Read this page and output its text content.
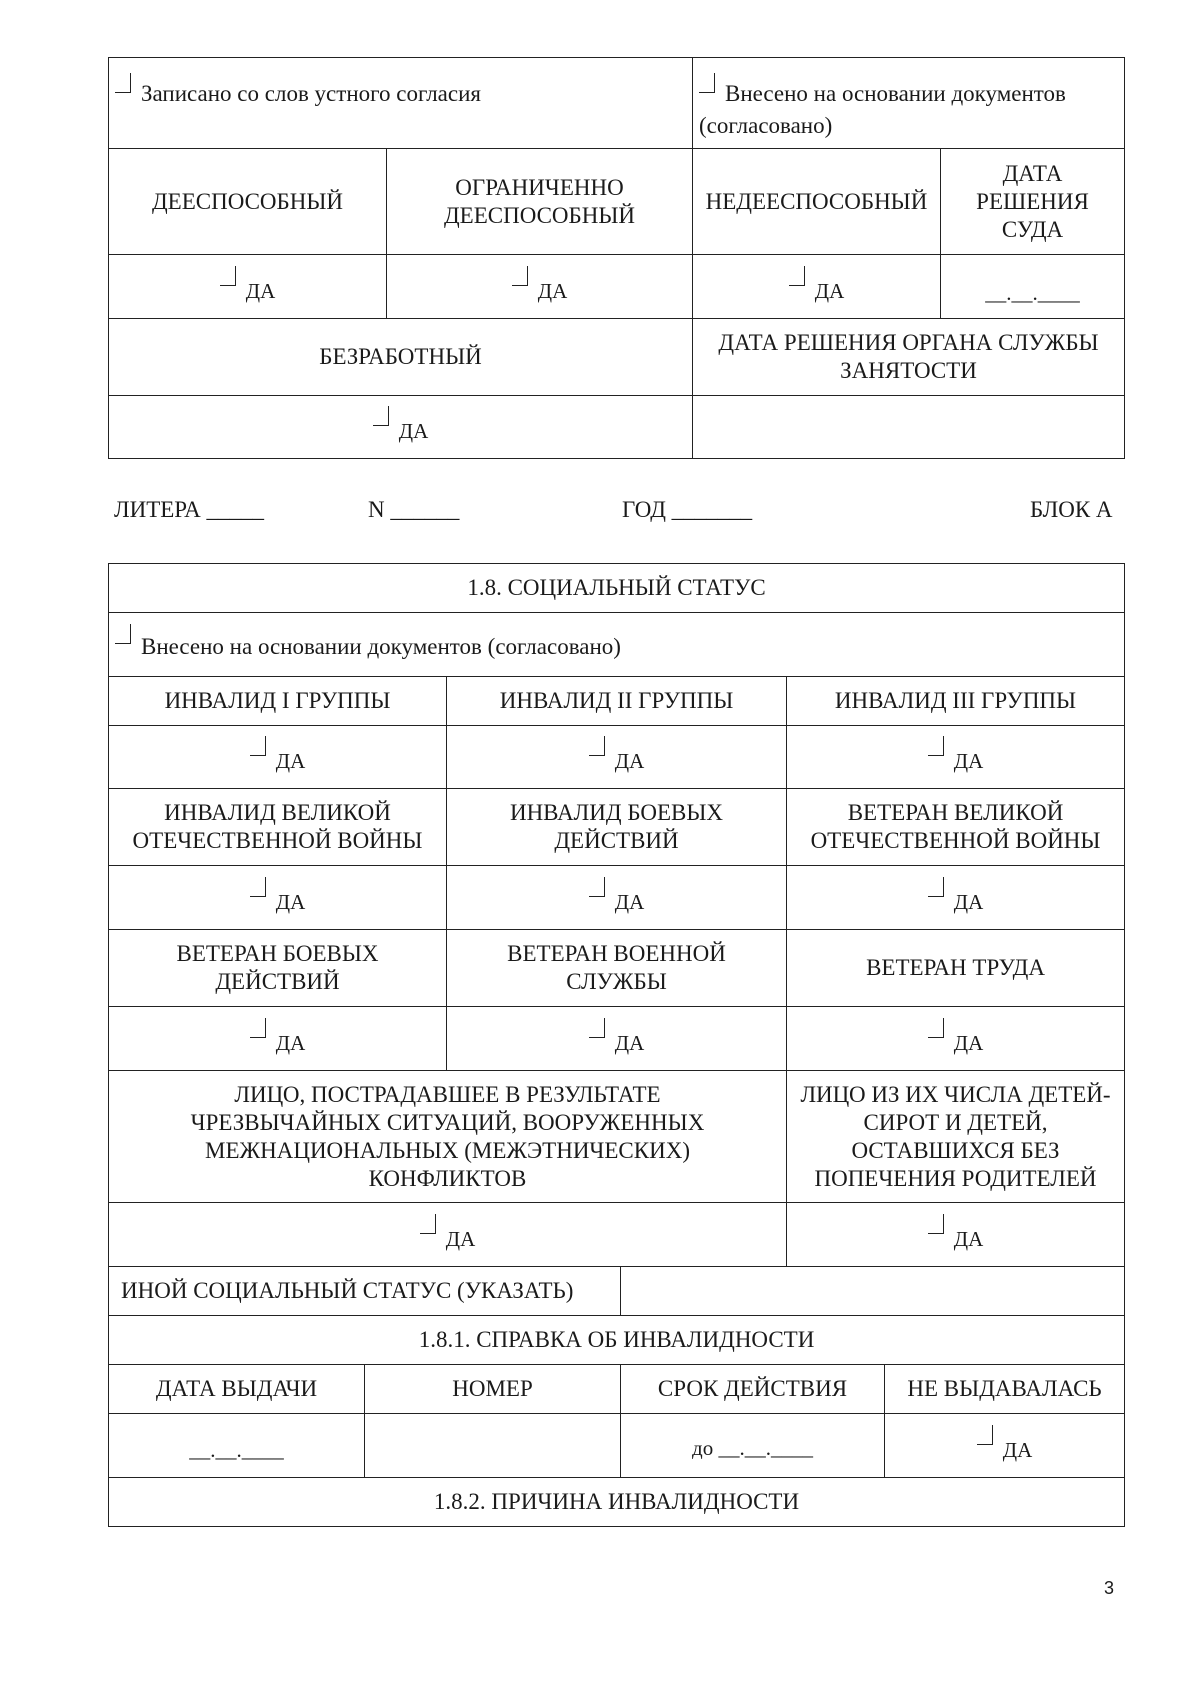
Записано со слов устного согласия		Внесено на основании документов (согласовано)	
ДЕЕСПОСОБНЫЙ	ОГРАНИЧЕННО ДЕЕСПОСОБНЫЙ	НЕДЕЕСПОСОБНЫЙ	ДАТА РЕШЕНИЯ СУДА
ДА	ДА	ДА	__.__.____
БЕЗРАБОТНЫЙ		ДАТА РЕШЕНИЯ ОРГАНА СЛУЖБЫ ЗАНЯТОСТИ	
ДА			
ЛИТЕРА _____	N ______	ГОД _______	БЛОК А
1.8. СОЦИАЛЬНЫЙ СТАТУС					
Внесено на основании документов (согласовано)					
ИНВАЛИД I ГРУППЫ		ИНВАЛИД II ГРУППЫ		ИНВАЛИД III ГРУППЫ	
ДА		ДА		ДА	
ИНВАЛИД ВЕЛИКОЙ ОТЕЧЕСТВЕННОЙ ВОЙНЫ		ИНВАЛИД БОЕВЫХ ДЕЙСТВИЙ		ВЕТЕРАН ВЕЛИКОЙ ОТЕЧЕСТВЕННОЙ ВОЙНЫ	
ДА		ДА		ДА	
ВЕТЕРАН БОЕВЫХ ДЕЙСТВИЙ		ВЕТЕРАН ВОЕННОЙ СЛУЖБЫ		ВЕТЕРАН ТРУДА	
ДА		ДА		ДА	
ЛИЦО, ПОСТРАДАВШЕЕ В РЕЗУЛЬТАТЕ ЧРЕЗВЫЧАЙНЫХ СИТУАЦИЙ, ВООРУЖЕННЫХ МЕЖНАЦИОНАЛЬНЫХ (МЕЖЭТНИЧЕСКИХ) КОНФЛИКТОВ				ЛИЦО ИЗ ИХ ЧИСЛА ДЕТЕЙ-СИРОТ И ДЕТЕЙ, ОСТАВШИХСЯ БЕЗ ПОПЕЧЕНИЯ РОДИТЕЛЕЙ	
ДА				ДА	
ИНОЙ СОЦИАЛЬНЫЙ СТАТУС (УКАЗАТЬ)					
1.8.1. СПРАВКА ОБ ИНВАЛИДНОСТИ					
ДАТА ВЫДАЧИ	НОМЕР		СРОК ДЕЙСТВИЯ		НЕ ВЫДАВАЛАСЬ
__.__.____			до __.__.____		ДА
1.8.2. ПРИЧИНА ИНВАЛИДНОСТИ					
3
